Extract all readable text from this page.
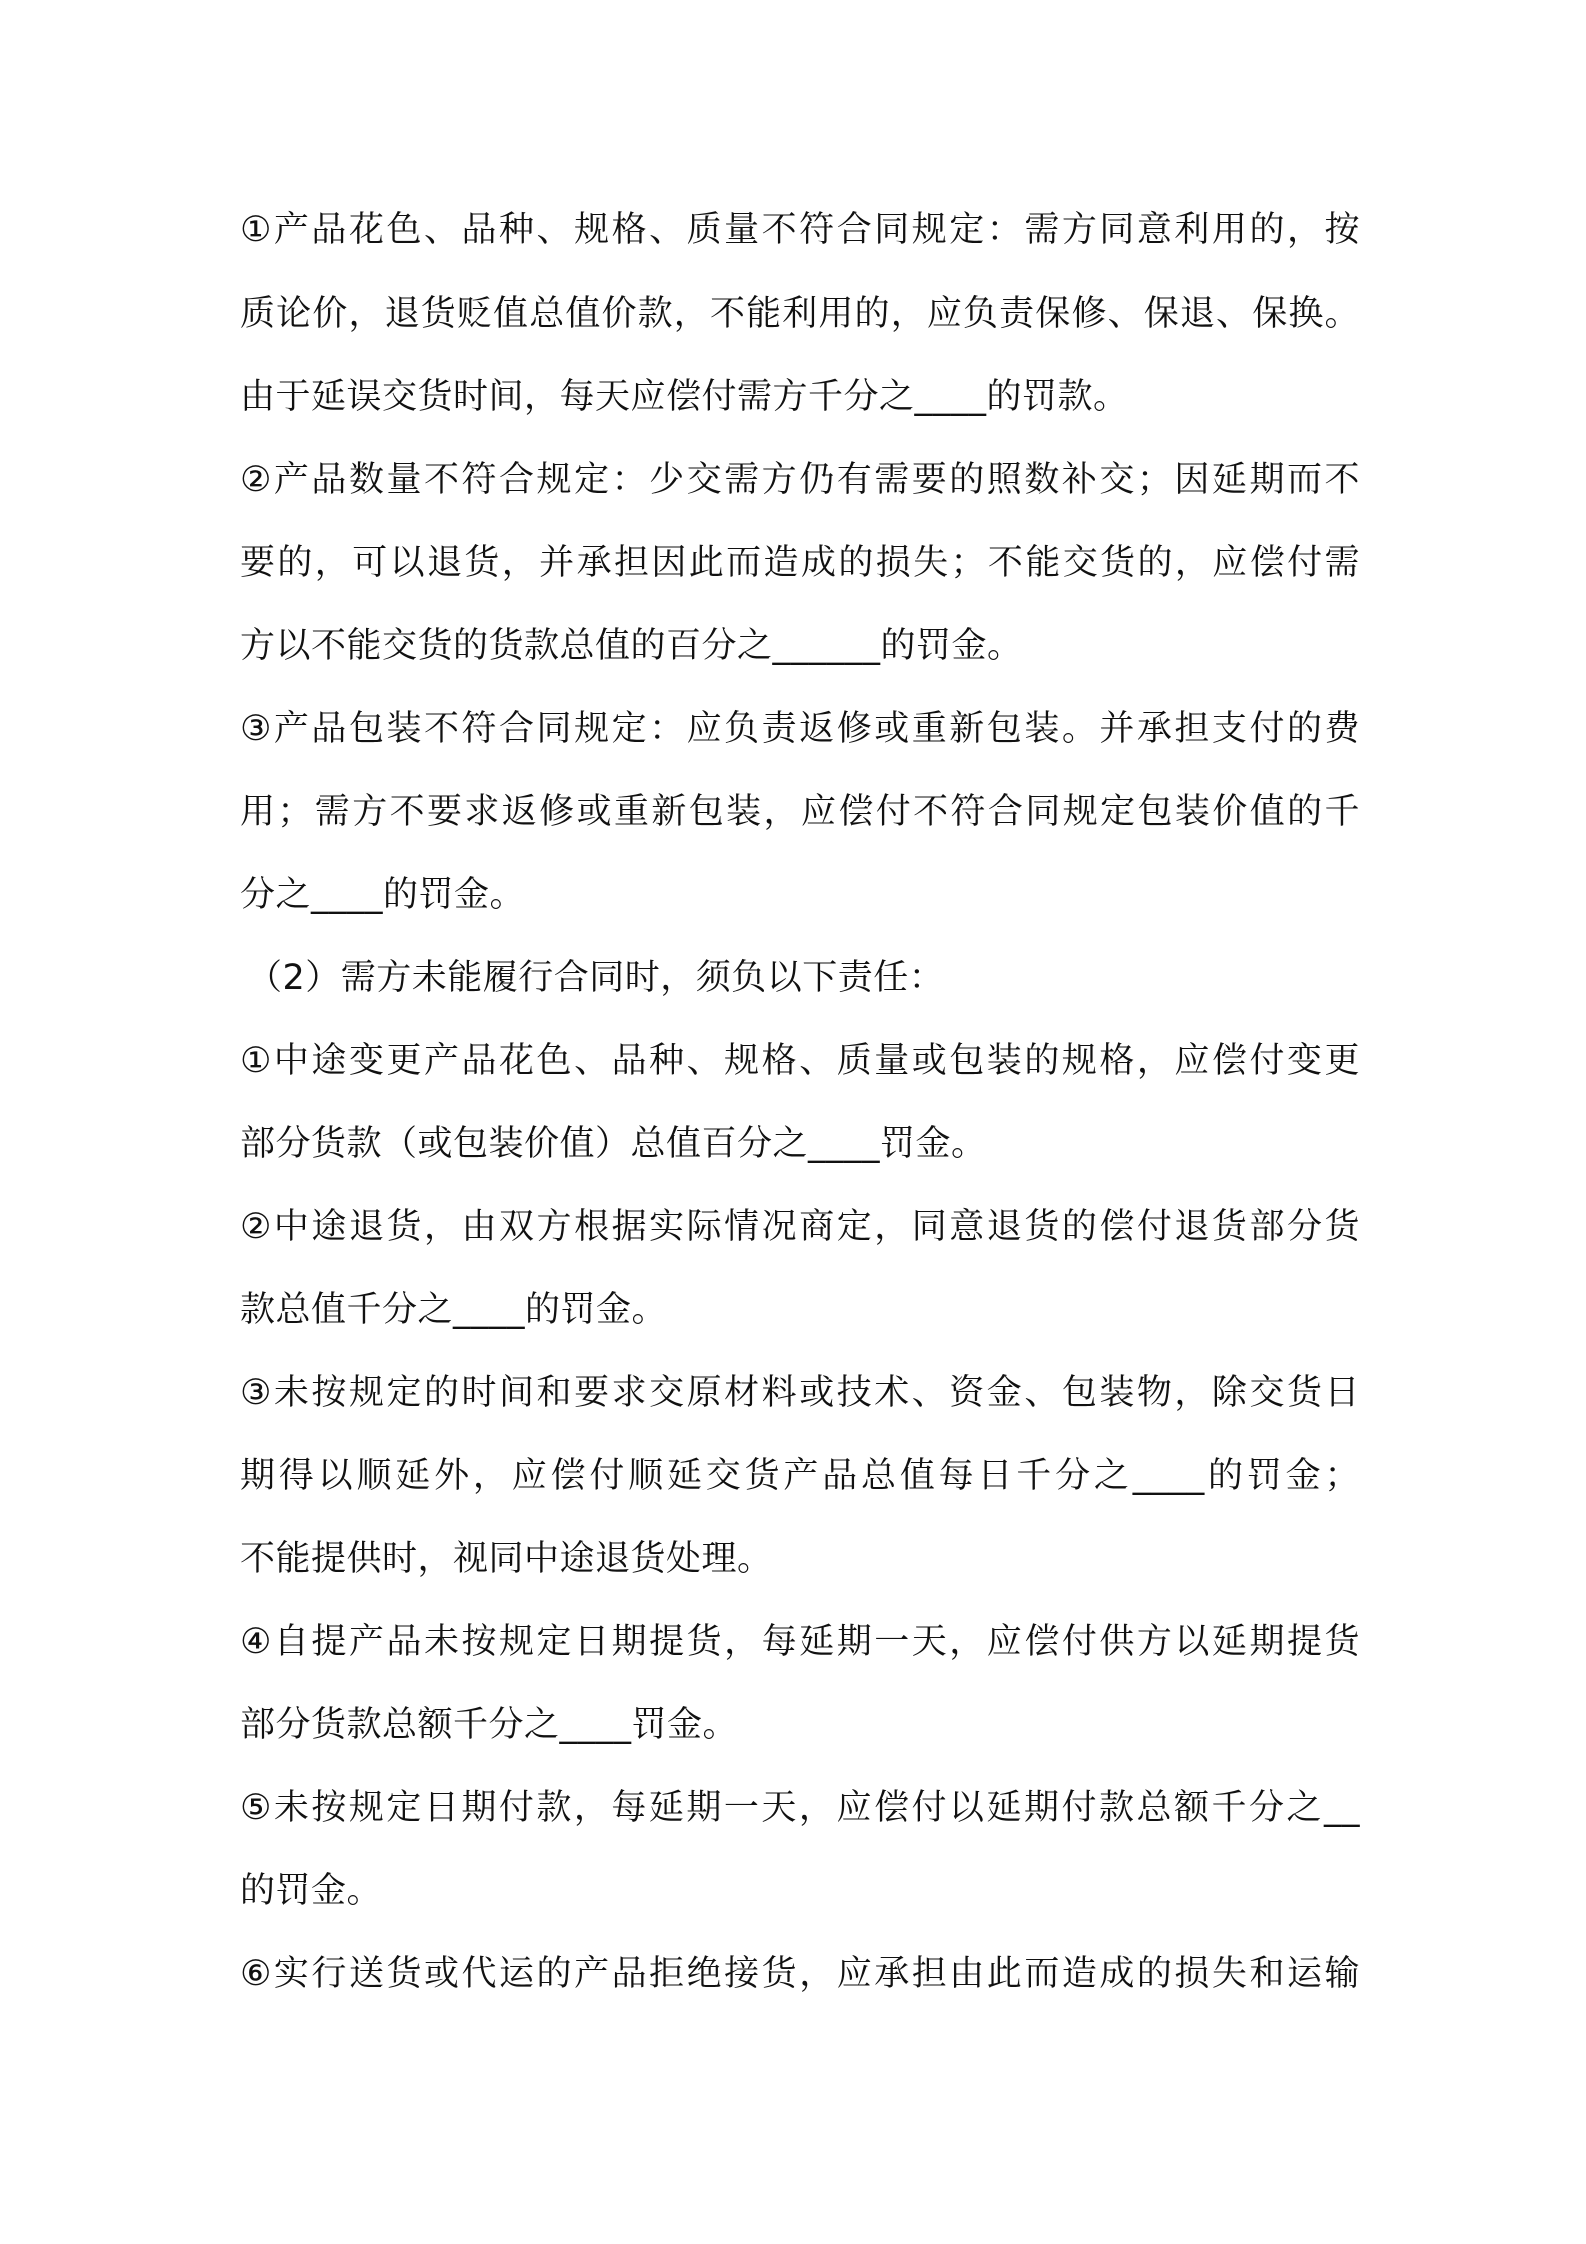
①产品花色、品种、规格、质量不符合同规定：需方同意利用的，按
质论价，退货贬值总值价款，不能利用的，应负责保修、保退、保换。
由于延误交货时间，每天应偿付需方千分之____的罚款。
②产品数量不符合规定：少交需方仍有需要的照数补交；因延期而不
要的，可以退货，并承担因此而造成的损失；不能交货的，应偿付需
方以不能交货的货款总值的百分之______的罚金。
③产品包装不符合同规定：应负责返修或重新包装。并承担支付的费
用；需方不要求返修或重新包装，应偿付不符合同规定包装价值的千
分之____的罚金。
（2）需方未能履行合同时，须负以下责任：
①中途变更产品花色、品种、规格、质量或包装的规格，应偿付变更
部分货款（或包装价值）总值百分之____罚金。
②中途退货，由双方根据实际情况商定，同意退货的偿付退货部分货
款总值千分之____的罚金。
③未按规定的时间和要求交原材料或技术、资金、包装物，除交货日
期得以顺延外，应偿付顺延交货产品总值每日千分之____的罚金；
不能提供时，视同中途退货处理。
④自提产品未按规定日期提货，每延期一天，应偿付供方以延期提货
部分货款总额千分之____罚金。
⑤未按规定日期付款，每延期一天，应偿付以延期付款总额千分之__
的罚金。
⑥实行送货或代运的产品拒绝接货，应承担由此而造成的损失和运输
